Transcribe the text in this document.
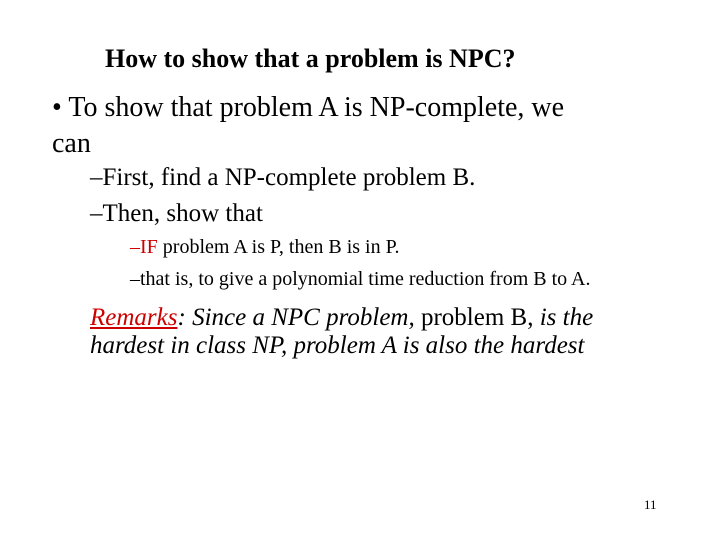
How to show that a problem is NPC?
• To show that problem A is NP-complete, we
can
–First, find a NP-complete problem B.
–Then, show that
–IF problem A is P, then B is in P.
–that is, to give a polynomial time reduction from B to A.
Remarks: Since a NPC problem, problem B, is the
hardest in class NP, problem A is also the hardest
11
